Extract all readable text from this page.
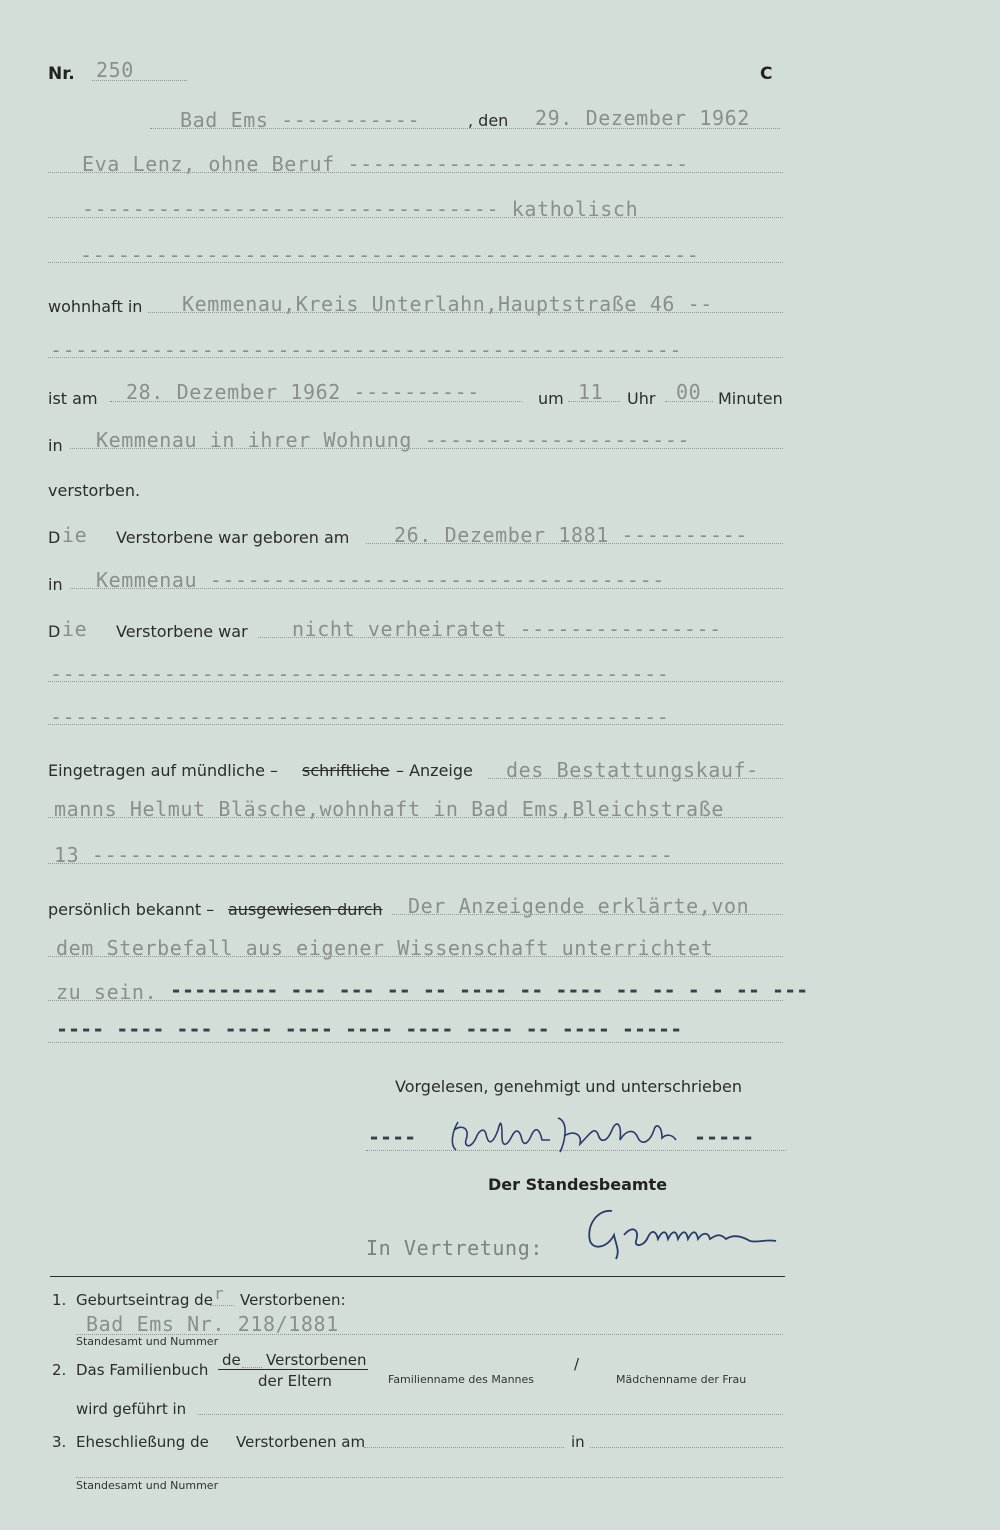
Nr. 250	C
Bad Ems -----------	, den 29. Dezember 1962
Eva Lenz, ohne Beruf ---------------------------
--------------------------------- katholisch
-------------------------------------------------
wohnhaft in Kemmenau,Kreis Unterlahn,Hauptstraße 46 --
--------------------------------------------------
ist am 28. Dezember 1962 ----------	um 11 Uhr 00 Minuten
in Kemmenau in ihrer Wohnung ---------------------
verstorben.
D ie Verstorbene war geboren am 26. Dezember 1881 ----------
in Kemmenau ------------------------------------
D ie Verstorbene war nicht verheiratet ----------------
-------------------------------------------------
-------------------------------------------------
Eingetragen auf mündliche – schriftliche – Anzeige des Bestattungskauf-
manns Helmut Bläsche,wohnhaft in Bad Ems,Bleichstraße
13 ----------------------------------------------
persönlich bekannt – ausgewiesen durch Der Anzeigende erklärte,von
dem Sterbefall aus eigener Wissenschaft unterrichtet
zu sein. --------- --- --- -- -- ---- -- ---- -- -- - - -- ---
---- ---- --- ---- ---- ---- ---- ---- -- ---- -----
Vorgelesen, genehmigt und unterschrieben
----	-----
Der Standesbeamte
In Vertretung:
1. Geburtseintrag de r Verstorbenen:
Bad Ems Nr. 218/1881
Standesamt und Nummer
2. Das Familienbuch
de Verstorbenen
der Eltern	Familienname des Mannes
/
Mädchenname der Frau
wird geführt in
3. Eheschließung de Verstorbenen am	in
Standesamt und Nummer
